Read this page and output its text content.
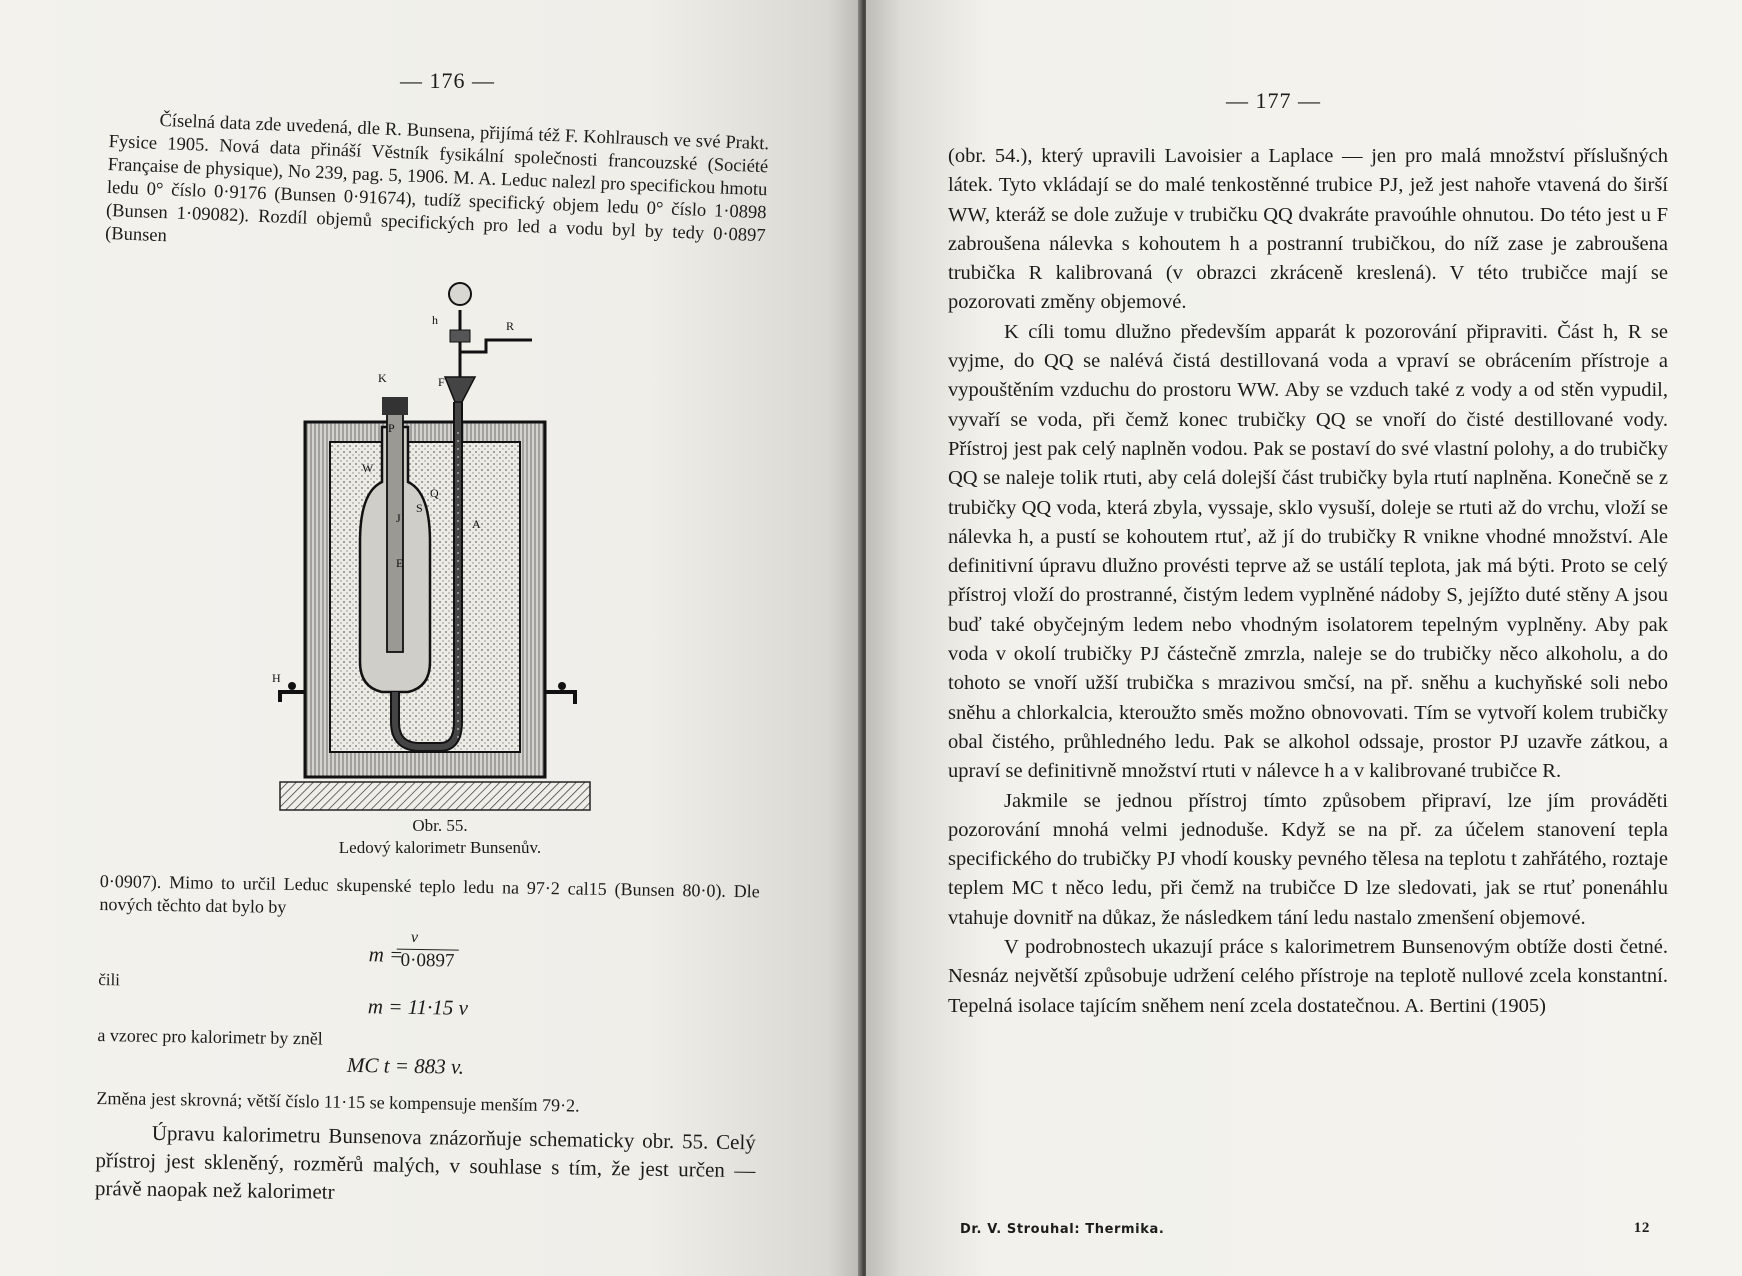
— 176 —

Číselná data zde uvedená, dle R. Bunsena, přijímá též F. Kohlrausch ve své Prakt. Fysice 1905. Nová data přináší Věstník fysikální společnosti francouzské (Société Française de physique), No 239, pag. 5, 1906. M. A. Leduc nalezl pro specifickou hmotu ledu 0° číslo 0·9176 (Bunsen 0·91674), tudíž specifický objem ledu 0° číslo 1·0898 (Bunsen 1·09082). Rozdíl objemů specifických pro led a vodu byl by tedy 0·0897 (Bunsen

h	R
K	F
P
W
J
E
S
Q
A
H
Obr. 55.
Ledový kalorimetr Bunsenův.

0·0907). Mimo to určil Leduc skupenské teplo ledu na 97·2 cal15 (Bunsen 80·0). Dle nových těchto dat bylo by

m =
v
0·0897

čili

m = 11·15 v

a vzorec pro kalorimetr by zněl

MC t = 883 v.

Změna jest skrovná; větší číslo 11·15 se kompensuje menším 79·2.

Úpravu kalorimetru Bunsenova znázorňuje schematicky obr. 55. Celý přístroj jest skleněný, rozměrů malých, v souhlase s tím, že jest určen — právě naopak než kalorimetr

— 177 —

(obr. 54.), který upravili Lavoisier a Laplace — jen pro malá množství příslušných látek. Tyto vkládají se do malé tenkostěnné trubice PJ, jež jest nahoře vtavená do širší WW, kteráž se dole zužuje v trubičku QQ dvakráte pravoúhle ohnutou. Do této jest u F zabroušena nálevka s kohoutem h a postranní trubičkou, do níž zase je zabroušena trubička R kalibrovaná (v obrazci zkráceně kreslená). V této trubičce mají se pozorovati změny objemové.

K cíli tomu dlužno především apparát k pozorování připraviti. Část h, R se vyjme, do QQ se nalévá čistá destillovaná voda a vpraví se obrácením přístroje a vypouštěním vzduchu do prostoru WW. Aby se vzduch také z vody a od stěn vypudil, vyvaří se voda, při čemž konec trubičky QQ se vnoří do čisté destillované vody. Přístroj jest pak celý naplněn vodou. Pak se postaví do své vlastní polohy, a do trubičky QQ se naleje tolik rtuti, aby celá dolejší část trubičky byla rtutí naplněna. Konečně se z trubičky QQ voda, která zbyla, vyssaje, sklo vysuší, doleje se rtuti až do vrchu, vloží se nálevka h, a pustí se kohoutem rtuť, až jí do trubičky R vnikne vhodné množství. Ale definitivní úpravu dlužno provésti teprve až se ustálí teplota, jak má býti. Proto se celý přístroj vloží do prostranné, čistým ledem vyplněné nádoby S, jejížto duté stěny A jsou buď také obyčejným ledem nebo vhodným isolatorem tepelným vyplněny. Aby pak voda v okolí trubičky PJ částečně zmrzla, naleje se do trubičky něco alkoholu, a do tohoto se vnoří užší trubička s mrazivou smčsí, na př. sněhu a kuchyňské soli nebo sněhu a chlorkalcia, kteroužto směs možno obnovovati. Tím se vytvoří kolem trubičky obal čistého, průhledného ledu. Pak se alkohol odssaje, prostor PJ uzavře zátkou, a upraví se definitivně množství rtuti v nálevce h a v kalibrované trubičce R.

Jakmile se jednou přístroj tímto způsobem připraví, lze jím prováděti pozorování mnohá velmi jednoduše. Když se na př. za účelem stanovení tepla specifického do trubičky PJ vhodí kousky pevného tělesa na teplotu t zahřátého, roztaje teplem MC t něco ledu, při čemž na trubičce D lze sledovati, jak se rtuť ponenáhlu vtahuje dovnitř na důkaz, že následkem tání ledu nastalo zmenšení objemové.

V podrobnostech ukazují práce s kalorimetrem Bunsenovým obtíže dosti četné. Nesnáz největší způsobuje udržení celého přístroje na teplotě nullové zcela konstantní. Tepelná isolace tajícím sněhem není zcela dostatečnou. A. Bertini (1905)

Dr. V. Strouhal: Thermika.	12
